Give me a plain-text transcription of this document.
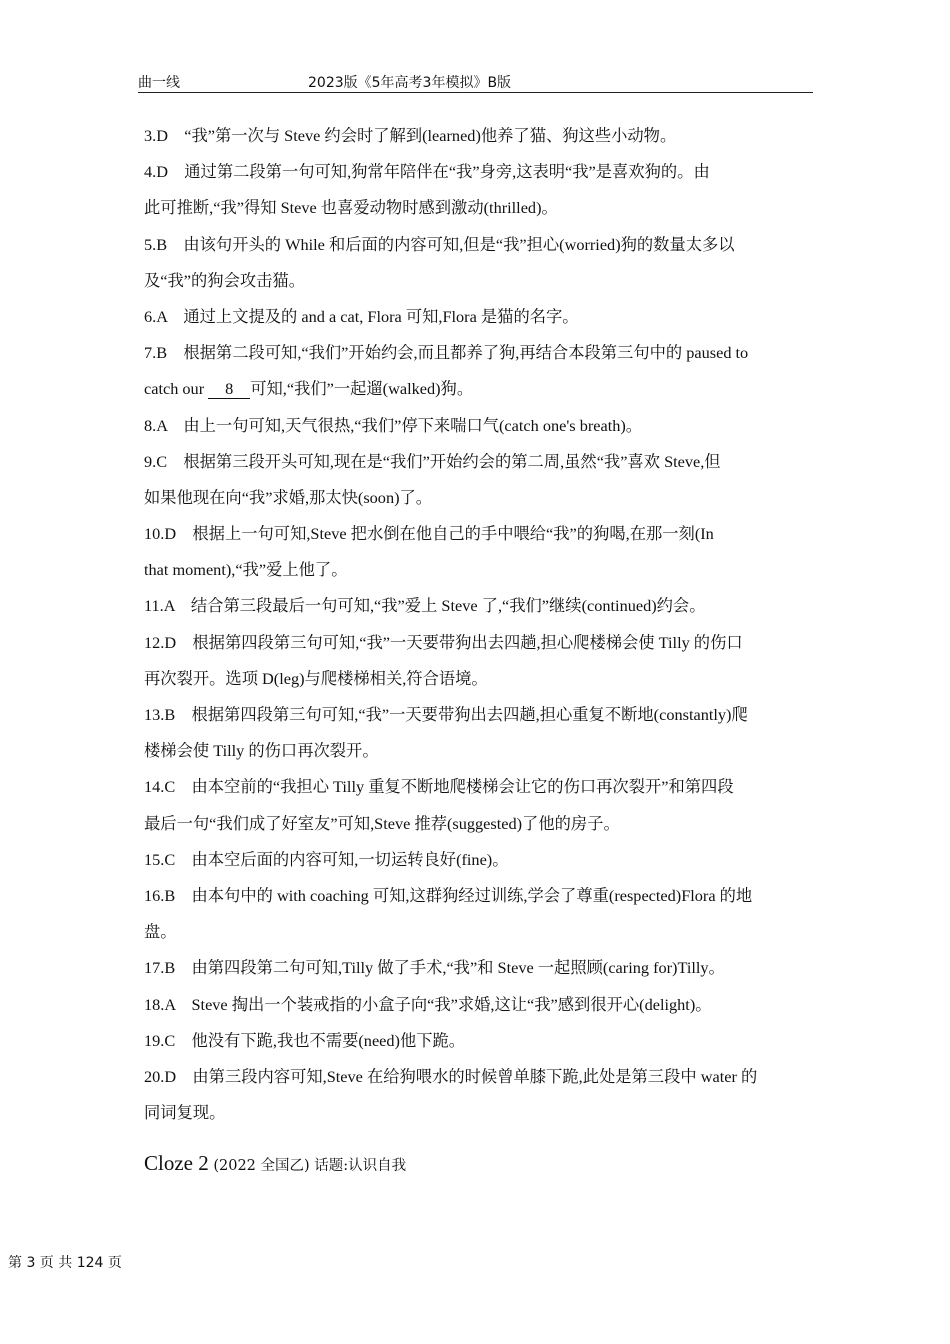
曲一线	2023版《5年高考3年模拟》B版
3.D　“我”第一次与 Steve 约会时了解到(learned)他养了猫、狗这些小动物。
4.D　通过第二段第一句可知,狗常年陪伴在“我”身旁,这表明“我”是喜欢狗的。由
此可推断,“我”得知 Steve 也喜爱动物时感到激动(thrilled)。
5.B　由该句开头的 While 和后面的内容可知,但是“我”担心(worried)狗的数量太多以
及“我”的狗会攻击猫。
6.A　通过上文提及的 and a cat, Flora 可知,Flora 是猫的名字。
7.B　根据第二段可知,“我们”开始约会,而且都养了狗,再结合本段第三句中的 paused to
catch our 8 可知,“我们”一起遛(walked)狗。
8.A　由上一句可知,天气很热,“我们”停下来喘口气(catch one's breath)。
9.C　根据第三段开头可知,现在是“我们”开始约会的第二周,虽然“我”喜欢 Steve,但
如果他现在向“我”求婚,那太快(soon)了。
10.D　根据上一句可知,Steve 把水倒在他自己的手中喂给“我”的狗喝,在那一刻(In
that moment),“我”爱上他了。
11.A　结合第三段最后一句可知,“我”爱上 Steve 了,“我们”继续(continued)约会。
12.D　根据第四段第三句可知,“我”一天要带狗出去四趟,担心爬楼梯会使 Tilly 的伤口
再次裂开。选项 D(leg)与爬楼梯相关,符合语境。
13.B　根据第四段第三句可知,“我”一天要带狗出去四趟,担心重复不断地(constantly)爬
楼梯会使 Tilly 的伤口再次裂开。
14.C　由本空前的“我担心 Tilly 重复不断地爬楼梯会让它的伤口再次裂开”和第四段
最后一句“我们成了好室友”可知,Steve 推荐(suggested)了他的房子。
15.C　由本空后面的内容可知,一切运转良好(fine)。
16.B　由本句中的 with coaching 可知,这群狗经过训练,学会了尊重(respected)Flora 的地
盘。
17.B　由第四段第二句可知,Tilly 做了手术,“我”和 Steve 一起照顾(caring for)Tilly。
18.A　Steve 掏出一个装戒指的小盒子向“我”求婚,这让“我”感到很开心(delight)。
19.C　他没有下跪,我也不需要(need)他下跪。
20.D　由第三段内容可知,Steve 在给狗喂水的时候曾单膝下跪,此处是第三段中 water 的
同词复现。
Cloze 2 (2022 全国乙) 话题:认识自我
第 3 页 共 124 页
